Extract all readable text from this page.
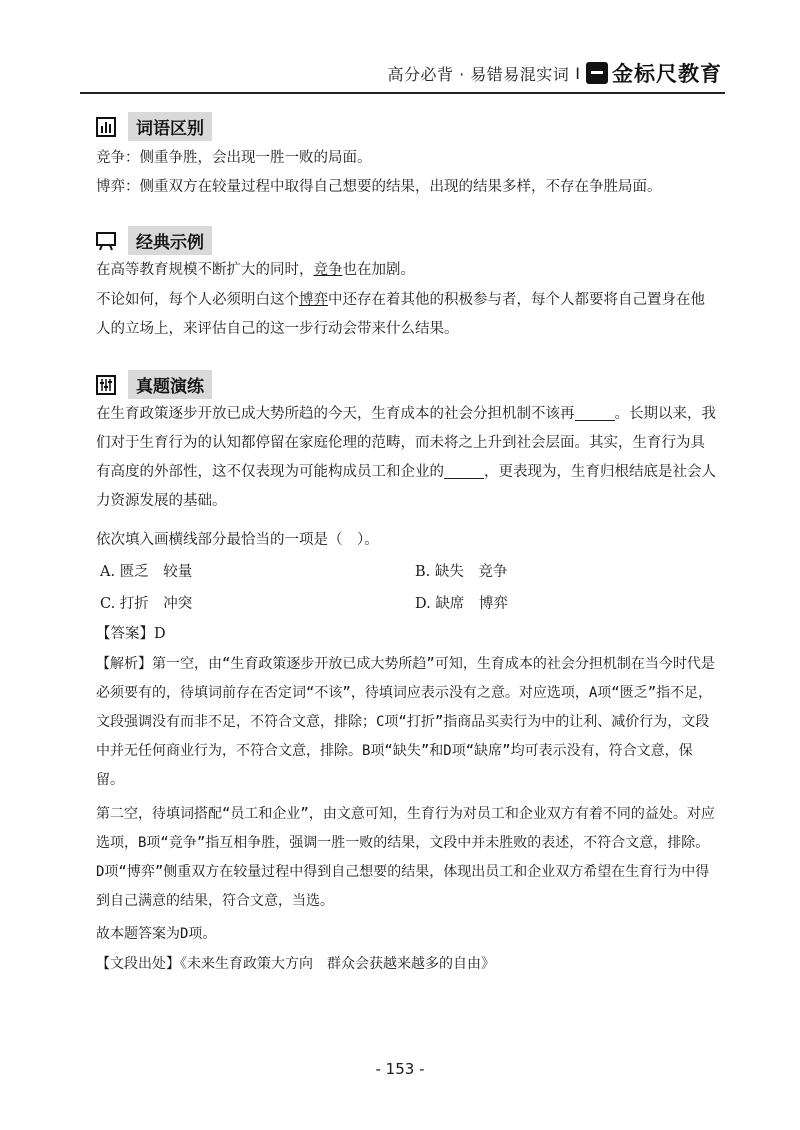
高分必背 · 易错易混实词 I 金标尺教育
词语区别
竞争：侧重争胜，会出现一胜一败的局面。
博弈：侧重双方在较量过程中取得自己想要的结果，出现的结果多样，不存在争胜局面。
经典示例
在高等教育规模不断扩大的同时，竞争也在加剧。
不论如何，每个人必须明白这个博弈中还存在着其他的积极参与者，每个人都要将自己置身在他人的立场上，来评估自己的这一步行动会带来什么结果。
真题演练
在生育政策逐步开放已成大势所趋的今天，生育成本的社会分担机制不该再	。长期以来，我们对于生育行为的认知都停留在家庭伦理的范畴，而未将之上升到社会层面。其实，生育行为具有高度的外部性，这不仅表现为可能构成员工和企业的	，更表现为，生育归根结底是社会人力资源发展的基础。
依次填入画横线部分最恰当的一项是（　）。
A. 匮乏　较量	B. 缺失　竞争
C. 打折　冲突	D. 缺席　博弈
【答案】D
【解析】第一空，由“生育政策逐步开放已成大势所趋”可知，生育成本的社会分担机制在当今时代是必须要有的，待填词前存在否定词“不该”，待填词应表示没有之意。对应选项，A项“匮乏”指不足，文段强调没有而非不足，不符合文意，排除；C项“打折”指商品买卖行为中的让利、减价行为，文段中并无任何商业行为，不符合文意，排除。B项“缺失”和D项“缺席”均可表示没有，符合文意，保留。
第二空，待填词搭配“员工和企业”，由文意可知，生育行为对员工和企业双方有着不同的益处。对应选项，B项“竞争”指互相争胜，强调一胜一败的结果，文段中并未胜败的表述，不符合文意，排除。D项“博弈”侧重双方在较量过程中得到自己想要的结果，体现出员工和企业双方希望在生育行为中得到自己满意的结果，符合文意，当选。
故本题答案为D项。
【文段出处】《未来生育政策大方向　群众会获越来越多的自由》
- 153 -
